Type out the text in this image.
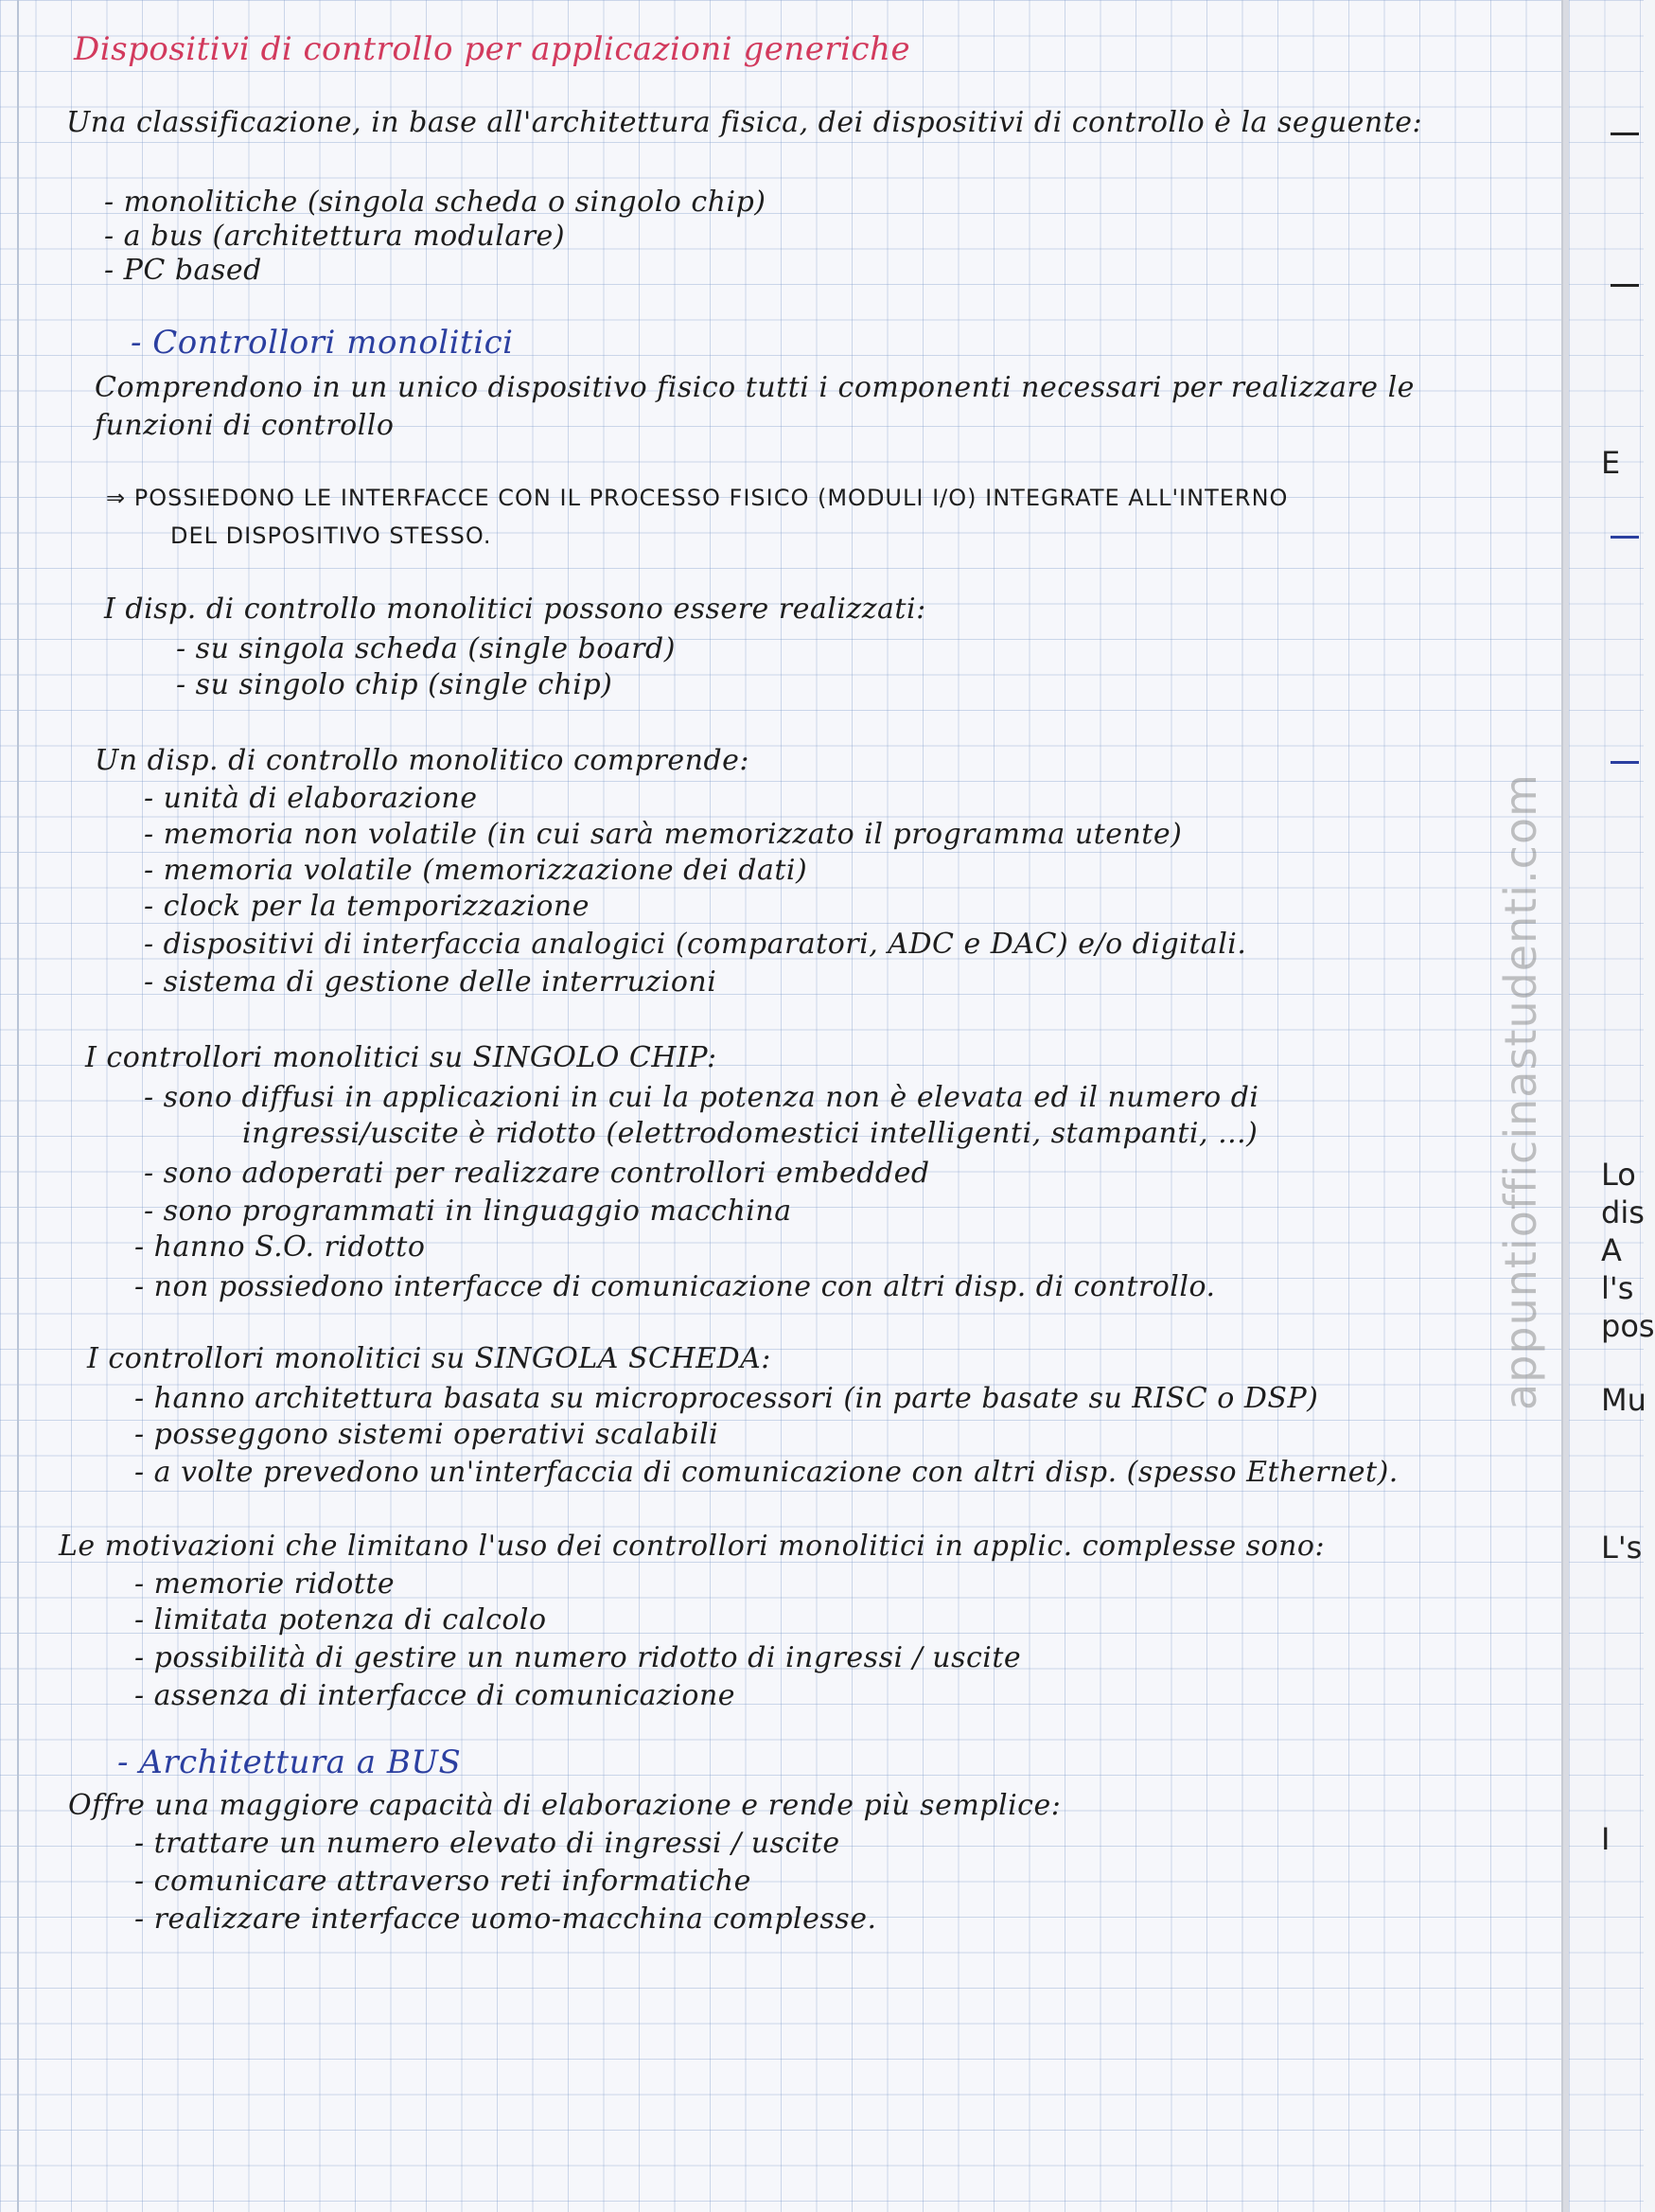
Dispositivi di controllo per applicazioni generiche
Una classificazione, in base all'architettura fisica, dei dispositivi di controllo è la seguente:
- monolitiche (singola scheda o singolo chip)
- a bus (architettura modulare)
- PC based
- Controllori monolitici
Comprendono in un unico dispositivo fisico tutti i componenti necessari per realizzare le
funzioni di controllo
⇒ POSSIEDONO LE INTERFACCE CON IL PROCESSO FISICO (MODULI I/O) INTEGRATE ALL'INTERNO
DEL DISPOSITIVO STESSO.
I disp. di controllo monolitici possono essere realizzati:
- su singola scheda (single board)
- su singolo chip (single chip)
Un disp. di controllo monolitico comprende:
- unità di elaborazione
- memoria non volatile (in cui sarà memorizzato il programma utente)
- memoria volatile (memorizzazione dei dati)
- clock per la temporizzazione
- dispositivi di interfaccia analogici (comparatori, ADC e DAC) e/o digitali.
- sistema di gestione delle interruzioni
I controllori monolitici su SINGOLO CHIP:
- sono diffusi in applicazioni in cui la potenza non è elevata ed il numero di
ingressi/uscite è ridotto (elettrodomestici intelligenti, stampanti, ...)
- sono adoperati per realizzare controllori embedded
- sono programmati in linguaggio macchina
- hanno S.O. ridotto
- non possiedono interfacce di comunicazione con altri disp. di controllo.
I controllori monolitici su SINGOLA SCHEDA:
- hanno architettura basata su microprocessori (in parte basate su RISC o DSP)
- posseggono sistemi operativi scalabili
- a volte prevedono un'interfaccia di comunicazione con altri disp. (spesso Ethernet).
Le motivazioni che limitano l'uso dei controllori monolitici in applic. complesse sono:
- memorie ridotte
- limitata potenza di calcolo
- possibilità di gestire un numero ridotto di ingressi / uscite
- assenza di interfacce di comunicazione
- Architettura a BUS
Offre una maggiore capacità di elaborazione e rende più semplice:
- trattare un numero elevato di ingressi / uscite
- comunicare attraverso reti informatiche
- realizzare interfacce uomo-macchina complesse.
appuntiofficinastudenti.com
E
Lo
dis
A
l's
pos
Mu
L's
I
